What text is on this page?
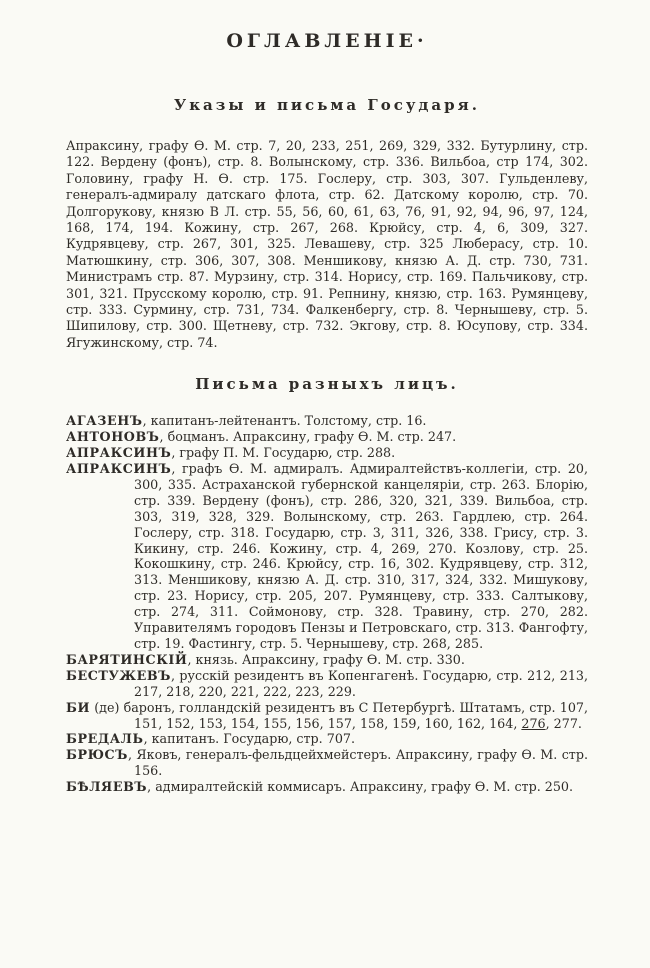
ОГЛАВЛЕНІЕ·
Указы и письма Государя.

Апраксину, графу Ѳ. М. стр. 7, 20, 233, 251, 269, 329, 332. Бутурлину, стр. 122. Вердену (фонъ), стр. 8. Волынскому, стр. 336. Вильбоа, стр 174, 302. Головину, графу Н. Ѳ. стр. 175. Гослеру, стр. 303, 307. Гульденлеву, генералъ-адмиралу датскаго флота, стр. 62. Датскому королю, стр. 70. Долгорукову, князю В Л. стр. 55, 56, 60, 61, 63, 76, 91, 92, 94, 96, 97, 124, 168, 174, 194. Кожину, стр. 267, 268. Крюйсу, стр. 4, 6, 309, 327. Кудрявцеву, стр. 267, 301, 325. Левашеву, стр. 325 Люберасу, стр. 10. Матюшкину, стр. 306, 307, 308. Меншикову, князю А. Д. стр. 730, 731. Министрамъ стр. 87. Мурзину, стр. 314. Норису, стр. 169. Пальчикову, стр. 301, 321. Прусскому королю, стр. 91. Репнину, князю, стр. 163. Румянцеву, стр. 333. Сурмину, стр. 731, 734. Фалкенбергу, стр. 8. Чернышеву, стр. 5. Шипилову, стр. 300. Щетневу, стр. 732. Экгову, стр. 8. Юсупову, стр. 334. Ягужинскому, стр. 74.

Письма разныхъ лицъ.

АГАЗЕНЪ, капитанъ-лейтенантъ. Толстому, стр. 16.

АНТОНОВЪ, боцманъ. Апраксину, графу Ѳ. М. стр. 247.

АПРАКСИНЪ, графу П. М. Государю, стр. 288.

АПРАКСИНЪ, графъ Ѳ. М. адмиралъ. Адмиралтействъ-коллегіи, стр. 20, 300, 335. Астраханской губернской канцеляріи, стр. 263. Блорію, стр. 339. Вердену (фонъ), стр. 286, 320, 321, 339. Вильбоа, стр. 303, 319, 328, 329. Волынскому, стр. 263. Гардлею, стр. 264. Гослеру, стр. 318. Государю, стр. 3, 311, 326, 338. Грису, стр. 3. Кикину, стр. 246. Кожину, стр. 4, 269, 270. Козлову, стр. 25. Кокошкину, стр. 246. Крюйсу, стр. 16, 302. Кудрявцеву, стр. 312, 313. Меншикову, князю А. Д. стр. 310, 317, 324, 332. Мишукову, стр. 23. Норису, стр. 205, 207. Румянцеву, стр. 333. Салтыкову, стр. 274, 311. Соймонову, стр. 328. Травину, стр. 270, 282. Управителямъ городовъ Пензы и Петровскаго, стр. 313. Фангофту, стр. 19. Фастингу, стр. 5. Чернышеву, стр. 268, 285.

БАРЯТИНСКІЙ, князь. Апраксину, графу Ѳ. М. стр. 330.

БЕСТУЖЕВЪ, русскій резидентъ въ Копенгагенѣ. Государю, стр. 212, 213, 217, 218, 220, 221, 222, 223, 229.

БИ (де) баронъ, голландскій резидентъ въ С Петербургѣ. Штатамъ, стр. 107, 151, 152, 153, 154, 155, 156, 157, 158, 159, 160, 162, 164, 276, 277.

БРЕДАЛЬ, капитанъ. Государю, стр. 707.

БРЮСЪ, Яковъ, генералъ-фельдцейхмейстеръ. Апраксину, графу Ѳ. М. стр. 156.

БѢЛЯЕВЪ, адмиралтейскій коммисаръ. Апраксину, графу Ѳ. М. стр. 250.
